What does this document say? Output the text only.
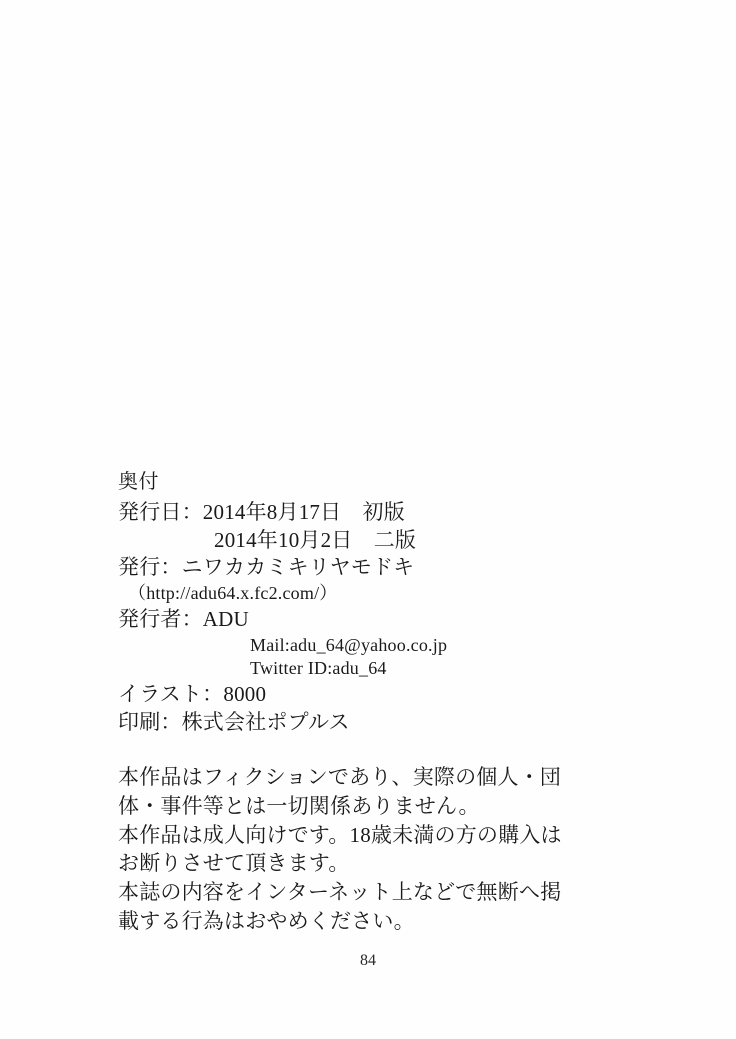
奥付
発行日：2014年8月17日　初版
2014年10月2日　二版
発行：ニワカカミキリヤモドキ
（http://adu64.x.fc2.com/）
発行者：ADU
Mail:adu_64@yahoo.co.jp
Twitter ID:adu_64
イラスト：8000
印刷：株式会社ポプルス
本作品はフィクションであり、実際の個人・団
体・事件等とは一切関係ありません。
本作品は成人向けです。18歳未満の方の購入は
お断りさせて頂きます。
本誌の内容をインターネット上などで無断へ掲
載する行為はおやめください。
84
